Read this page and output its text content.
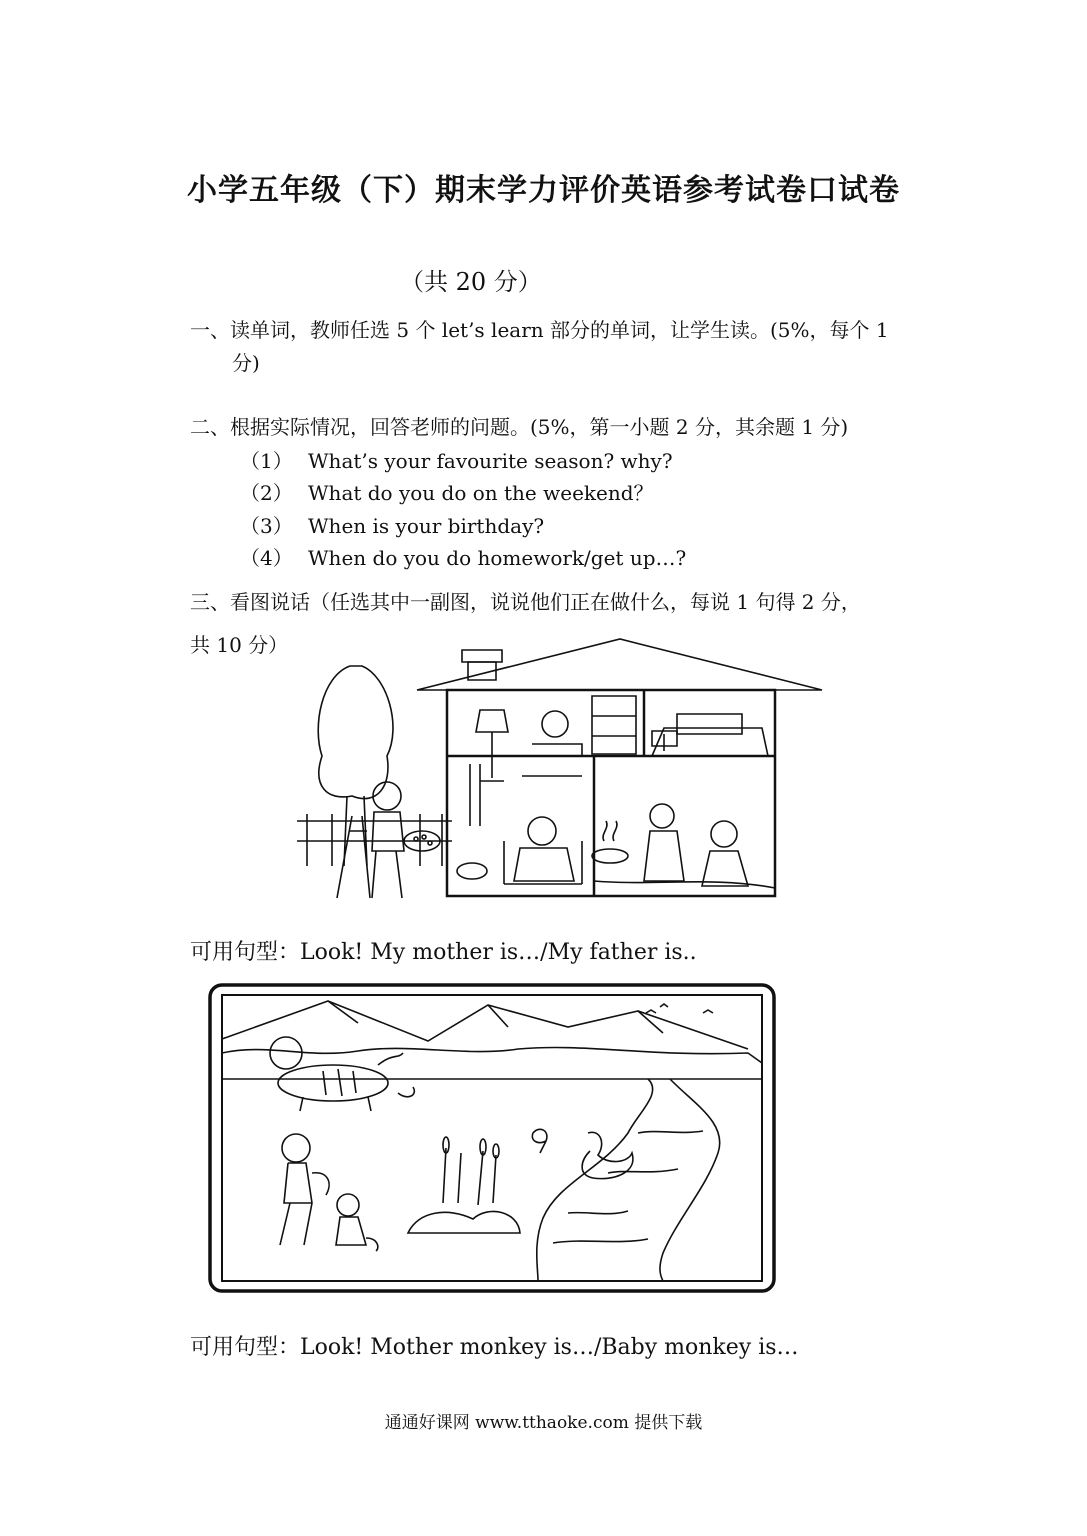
小学五年级（下）期末学力评价英语参考试卷口试卷
（共 20 分）
一、读单词，教师任选 5 个 let’s learn 部分的单词，让学生读。(5%，每个 1
分)
二、根据实际情况，回答老师的问题。(5%，第一小题 2 分，其余题 1 分)
（1） What’s your favourite season? why?
（2） What do you do on the weekend？
（3） When is your birthday?
（4） When do you do homework/get up…?
三、看图说话（任选其中一副图，说说他们正在做什么，每说 1 句得 2 分，
共 10 分）
可用句型：Look! My mother is…/My father is..
可用句型：Look! Mother monkey is…/Baby monkey is…
通通好课网 www.tthaoke.com 提供下载
